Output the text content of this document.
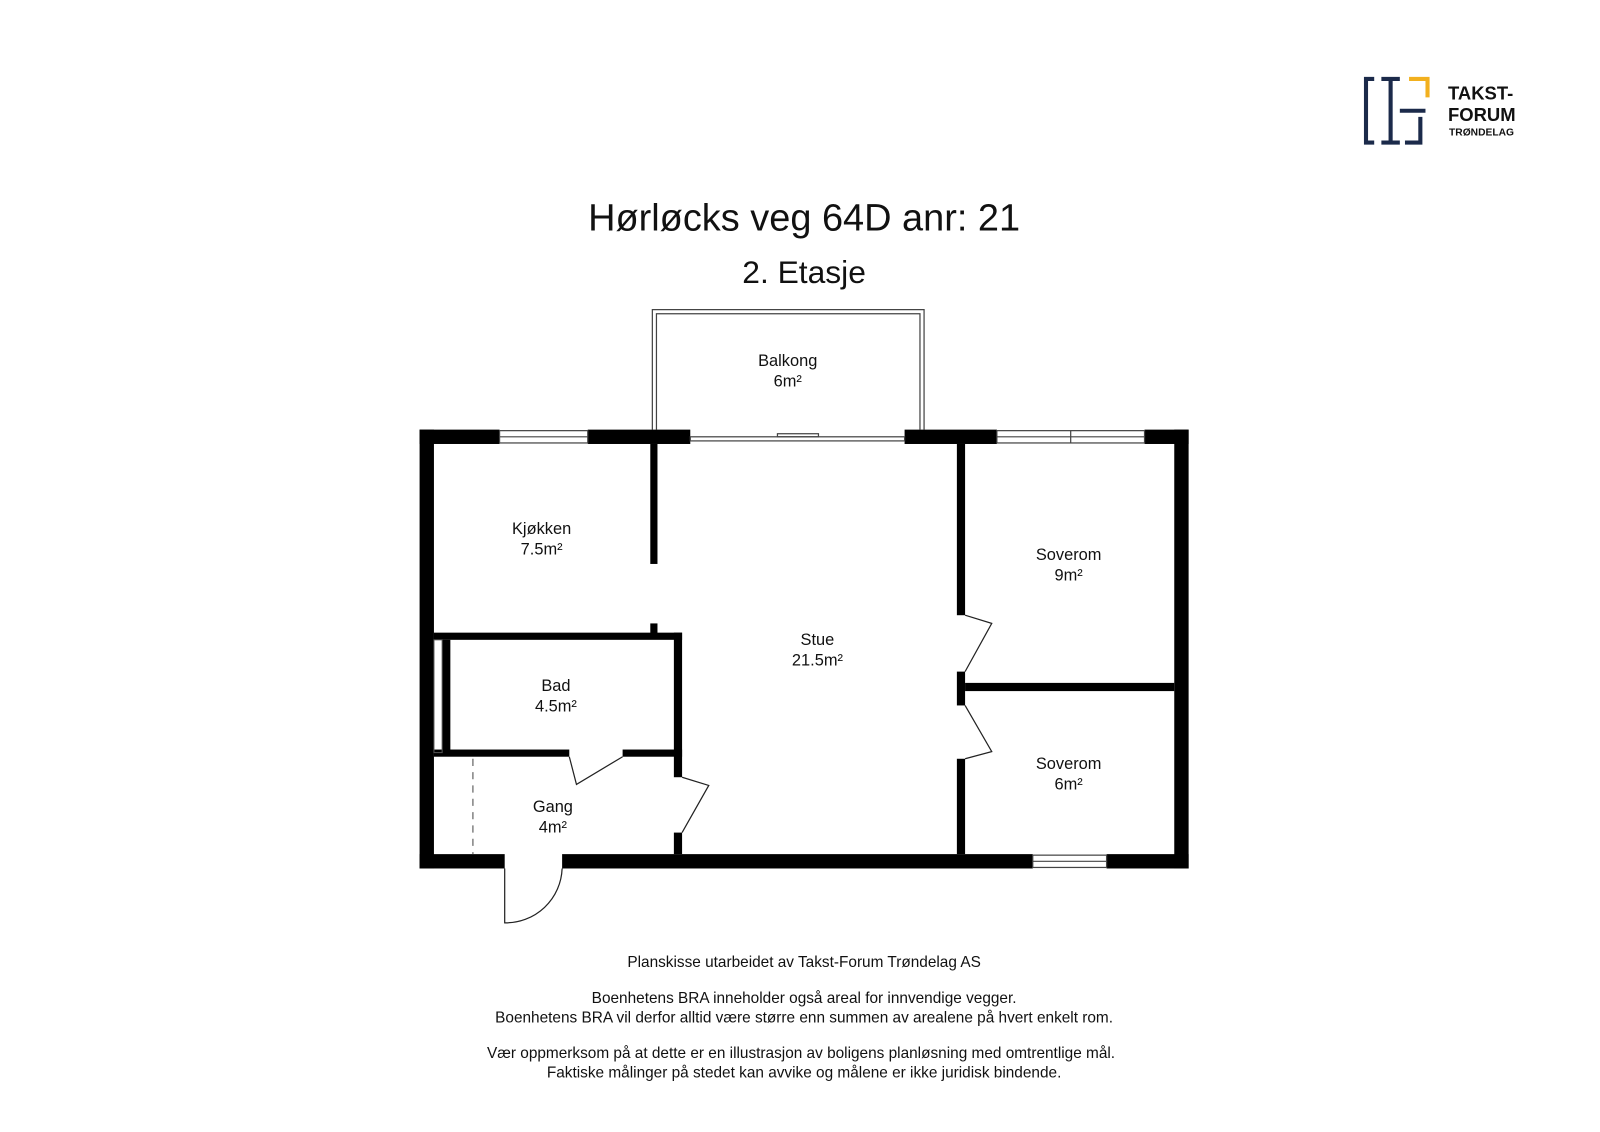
TAKST-
FORUM
TRØNDELAG
Hørløcks veg 64D anr: 21
2. Etasje
Balkong
6m²
Kjøkken
7.5m²
Stue
21.5m²
Soverom
9m²
Bad
4.5m²
Gang
4m²
Soverom
6m²
Planskisse utarbeidet av Takst-Forum Trøndelag AS
Boenhetens BRA inneholder også areal for innvendige vegger.
Boenhetens BRA vil derfor alltid være større enn summen av arealene på hvert enkelt rom.
Vær oppmerksom på at dette er en illustrasjon av boligens planløsning med omtrentlige mål.
Faktiske målinger på stedet kan avvike og målene er ikke juridisk bindende.
